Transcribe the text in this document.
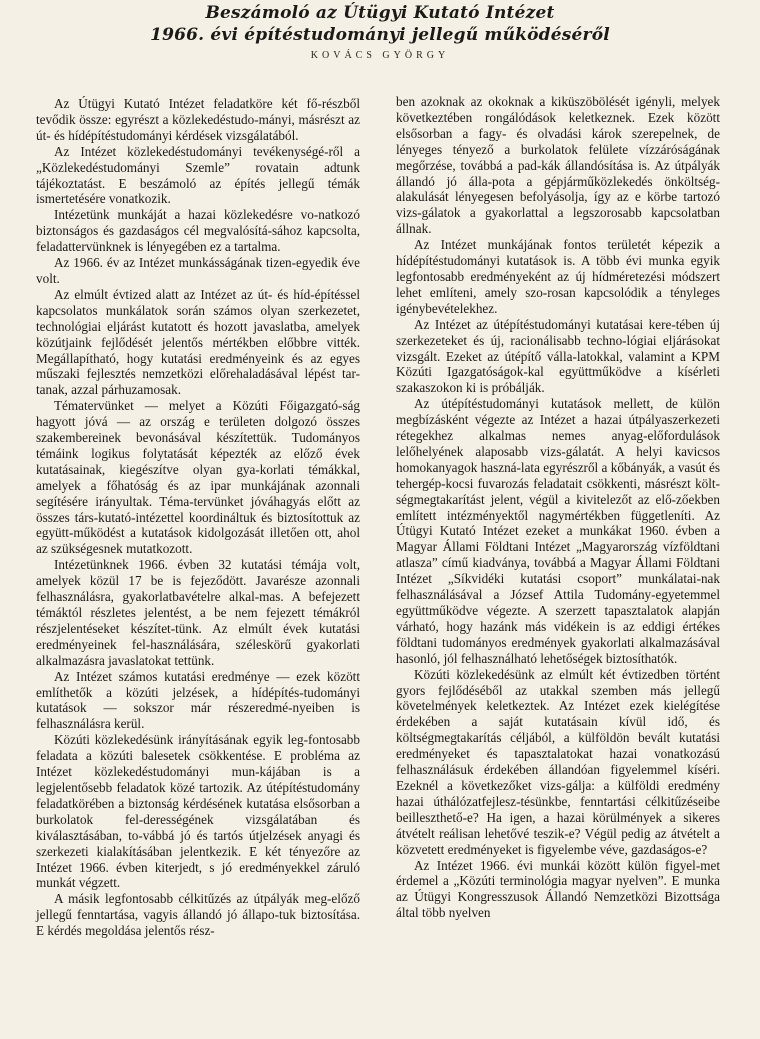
Beszámoló az Útügyi Kutató Intézet
1966. évi építéstudományi jellegű működéséről
KOVÁCS GYÖRGY

Az Útügyi Kutató Intézet feladatköre két fő-részből tevődik össze: egyrészt a közlekedéstudo-mányi, másrészt az út- és hídépítéstudományi kérdések vizsgálatából.

Az Intézet közlekedéstudományi tevékenységé-ről a „Közlekedéstudományi Szemle” rovatain adtunk tájékoztatást. E beszámoló az építés jellegű témák ismertetésére vonatkozik.

Intézetünk munkáját a hazai közlekedésre vo-natkozó biztonságos és gazdaságos cél megvalósítá-sához kapcsolta, feladattervünknek is lényegében ez a tartalma.

Az 1966. év az Intézet munkásságának tizen-egyedik éve volt.

Az elmúlt évtized alatt az Intézet az út- és híd-építéssel kapcsolatos munkálatok során számos olyan szerkezetet, technológiai eljárást kutatott és hozott javaslatba, amelyek közútjaink fejlődését jelentős mértékben előbbre vitték. Megállapítható, hogy kutatási eredményeink és az egyes műszaki fejlesztés nemzetközi előrehaladásával lépést tar-tanak, azzal párhuzamosak.

Tématervünket — melyet a Közúti Főigazgató-ság hagyott jóvá — az ország e területen dolgozó összes szakembereinek bevonásával készítettük. Tudományos témáink logikus folytatását képezték az előző évek kutatásainak, kiegészítve olyan gya-korlati témákkal, amelyek a főhatóság és az ipar munkájának azonnali segítésére irányultak. Téma-tervünket jóváhagyás előtt az összes társ-kutató-intézettel koordináltuk és biztosítottuk az együtt-működést a kutatások kidolgozását illetően ott, ahol az szükségesnek mutatkozott.

Intézetünknek 1966. évben 32 kutatási témája volt, amelyek közül 17 be is fejeződött. Javarésze azonnali felhasználásra, gyakorlatbavételre alkal-mas. A befejezett témáktól részletes jelentést, a be nem fejezett témákról részjelentéseket készítet-tünk. Az elmúlt évek kutatási eredményeinek fel-használására, széleskörű gyakorlati alkalmazásra javaslatokat tettünk.

Az Intézet számos kutatási eredménye — ezek között említhetők a közúti jelzések, a hídépítés-tudományi kutatások — sokszor már részeredmé-nyeiben is felhasználásra kerül.

Közúti közlekedésünk irányításának egyik leg-fontosabb feladata a közúti balesetek csökkentése. E probléma az Intézet közlekedéstudományi mun-kájában is a legjelentősebb feladatok közé tartozik. Az útépítéstudomány feladatkörében a biztonság kérdésének kutatása elsősorban a burkolatok fel-derességének vizsgálatában és kiválasztásában, to-vábbá jó és tartós útjelzések anyagi és szerkezeti kialakításában jelentkezik. E két tényezőre az Intézet 1966. évben kiterjedt, s jó eredményekkel záruló munkát végzett.

A másik legfontosabb célkitűzés az útpályák meg-előző jellegű fenntartása, vagyis állandó jó állapo-tuk biztosítása. E kérdés megoldása jelentős rész-

ben azoknak az okoknak a kiküszöbölését igényli, melyek következtében rongálódások keletkeznek. Ezek között elsősorban a fagy- és olvadási károk szerepelnek, de lényeges tényező a burkolatok felülete vízzáróságának megőrzése, továbbá a pad-kák állandósítása is. Az útpályák állandó jó álla-pota a gépjárműközlekedés önköltség-alakulását lényegesen befolyásolja, így az e körbe tartozó vizs-gálatok a gyakorlattal a legszorosabb kapcsolatban állnak.

Az Intézet munkájának fontos területét képezik a hídépítéstudományi kutatások is. A több évi munka egyik legfontosabb eredményeként az új hídméretezési módszert lehet említeni, amely szo-rosan kapcsolódik a tényleges igénybevételekhez.

Az Intézet az útépítéstudományi kutatásai kere-tében új szerkezeteket és új, racionálisabb techno-lógiai eljárásokat vizsgált. Ezeket az útépítő válla-latokkal, valamint a KPM Közúti Igazgatóságok-kal együttműködve a kísérleti szakaszokon ki is próbálják.

Az útépítéstudományi kutatások mellett, de külön megbízásként végezte az Intézet a hazai útpályaszerkezeti rétegekhez alkalmas nemes anyag-előfordulások lelőhelyének alaposabb vizs-gálatát. A helyi kavicsos homokanyagok haszná-lata egyrészről a kőbányák, a vasút és tehergép-kocsi fuvarozás feladatait csökkenti, másrészt költ-ségmegtakarítást jelent, végül a kivitelezőt az elő-zőekben említett intézményektől nagymértékben függetleníti. Az Útügyi Kutató Intézet ezeket a munkákat 1960. évben a Magyar Állami Földtani Intézet „Magyarország vízföldtani atlasza” című kiadványa, továbbá a Magyar Állami Földtani Intézet „Síkvidéki kutatási csoport” munkálatai-nak felhasználásával a József Attila Tudomány-egyetemmel együttműködve végezte. A szerzett tapasztalatok alapján várható, hogy hazánk más vidékein is az eddigi értékes földtani tudományos eredmények gyakorlati alkalmazásával hasonló, jól felhasználható lehetőségek biztosíthatók.

Közúti közlekedésünk az elmúlt két évtizedben történt gyors fejlődéséből az utakkal szemben más jellegű követelmények keletkeztek. Az Intézet ezek kielégítése érdekében a saját kutatásain kívül idő, és költségmegtakarítás céljából, a külföldön bevált kutatási eredményeket és tapasztalatokat hazai vonatkozású felhasználásuk érdekében állandóan figyelemmel kíséri. Ezeknél a következőket vizs-gálja: a külföldi eredmény hazai úthálózatfejlesz-tésünkbe, fenntartási célkitűzéseibe beilleszthető-e? Ha igen, a hazai körülmények a sikeres átvételt reálisan lehetővé teszik-e? Végül pedig az átvételt a közvetett eredményeket is figyelembe véve, gazdaságos-e?

Az Intézet 1966. évi munkái között külön figyel-met érdemel a „Közúti terminológia magyar nyelven”. E munka az Útügyi Kongresszusok Állandó Nemzetközi Bizottsága által több nyelven
